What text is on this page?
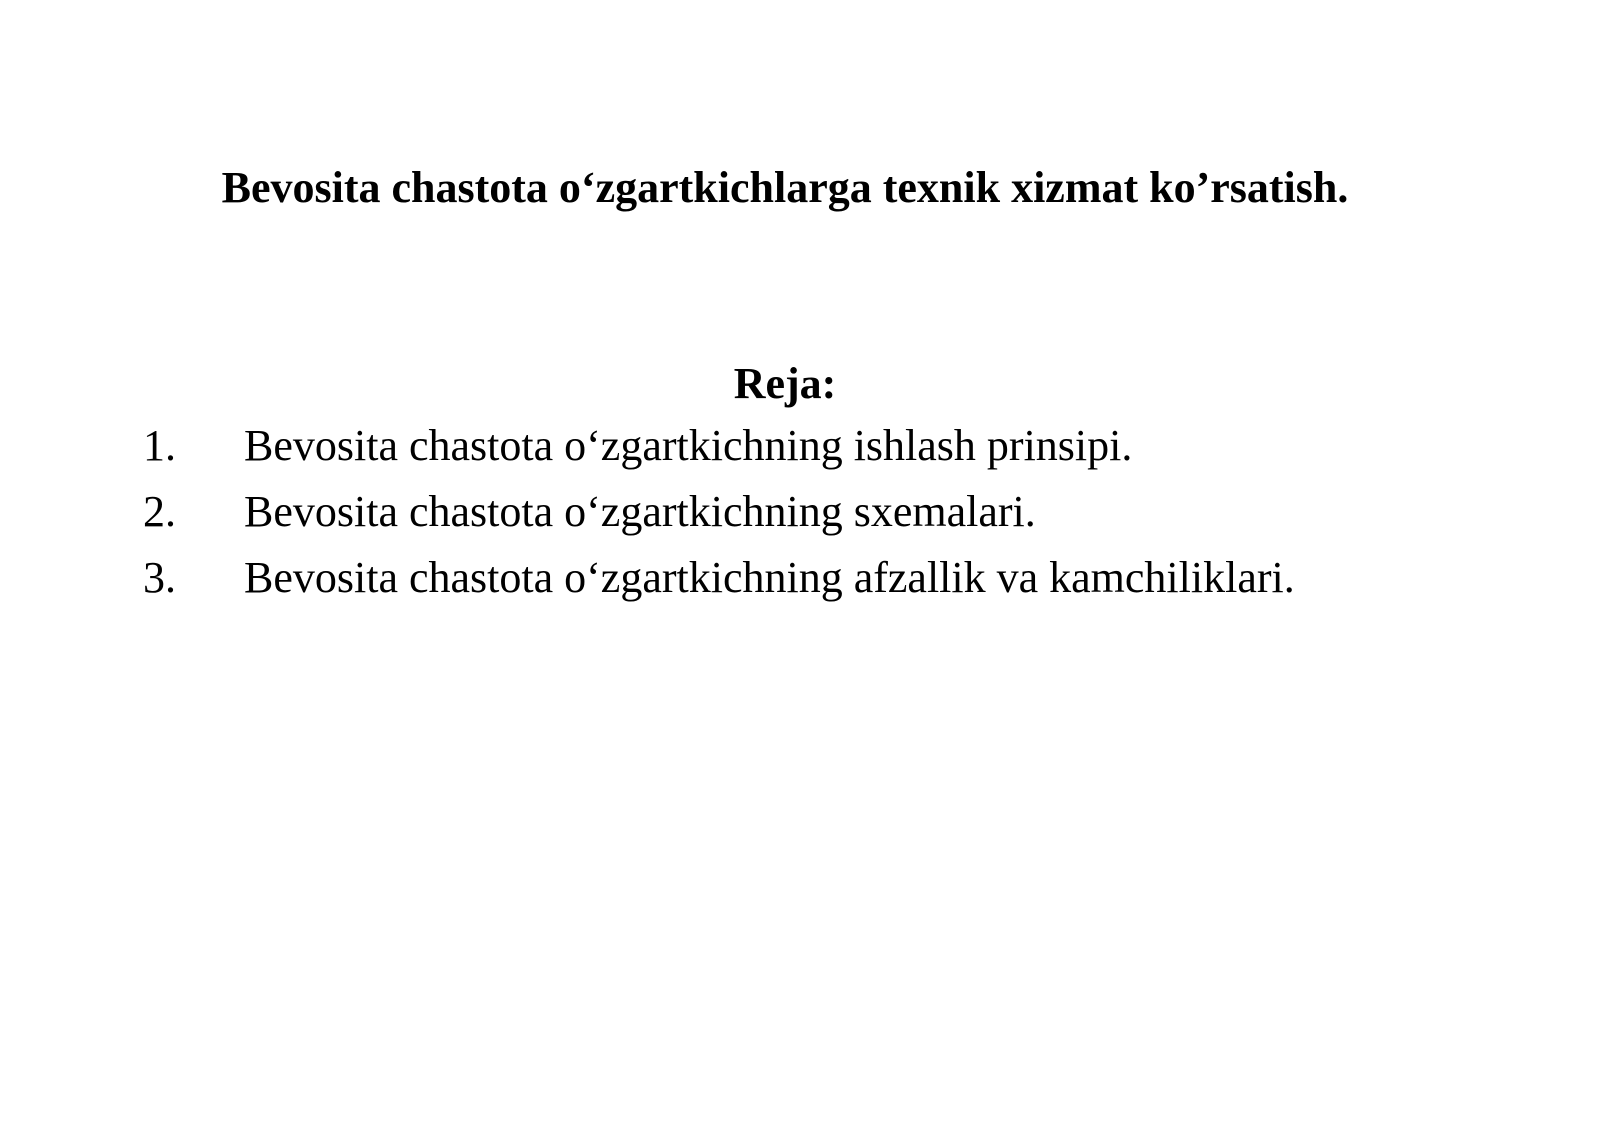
Bevosita chastota o‘zgartkichlarga texnik xizmat ko’rsatish.
Reja:
1. Bevosita chastota o‘zgartkichning ishlash prinsipi.
2. Bevosita chastota o‘zgartkichning sxemalari.
3. Bevosita chastota o‘zgartkichning afzallik va kamchiliklari.
